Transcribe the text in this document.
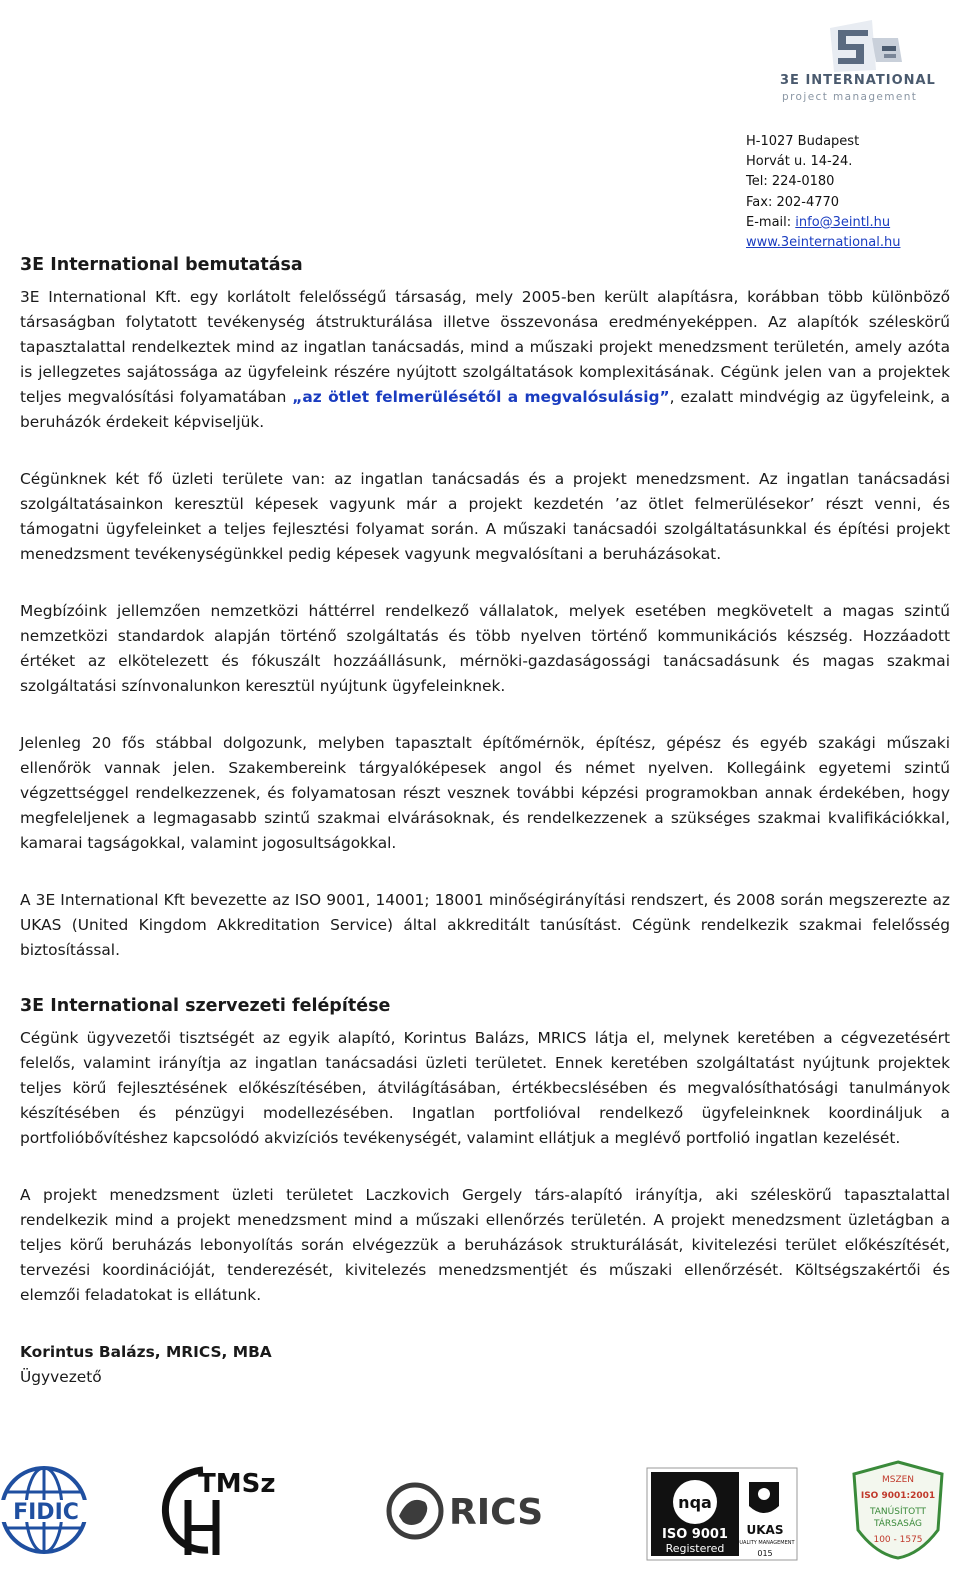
3E INTERNATIONAL
project management
H-1027 Budapest
Horvát u. 14-24.
Tel: 224-0180
Fax: 202-4770
E-mail: info@3eintl.hu
www.3einternational.hu
3E International bemutatása

3E International Kft. egy korlátolt felelősségű társaság, mely 2005-ben került alapításra, korábban több különböző társaságban folytatott tevékenység átstrukturálása illetve összevonása eredményeképpen. Az alapítók széleskörű tapasztalattal rendelkeztek mind az ingatlan tanácsadás, mind a műszaki projekt menedzsment területén, amely azóta is jellegzetes sajátossága az ügyfeleink részére nyújtott szolgáltatások komplexitásának. Cégünk jelen van a projektek teljes megvalósítási folyamatában „az ötlet felmerülésétől a megvalósulásig”, ezalatt mindvégig az ügyfeleink, a beruházók érdekeit képviseljük.

Cégünknek két fő üzleti területe van: az ingatlan tanácsadás és a projekt menedzsment. Az ingatlan tanácsadási szolgáltatásainkon keresztül képesek vagyunk már a projekt kezdetén ’az ötlet felmerülésekor’ részt venni, és támogatni ügyfeleinket a teljes fejlesztési folyamat során. A műszaki tanácsadói szolgáltatásunkkal és építési projekt menedzsment tevékenységünkkel pedig képesek vagyunk megvalósítani a beruházásokat.

Megbízóink jellemzően nemzetközi háttérrel rendelkező vállalatok, melyek esetében megkövetelt a magas szintű nemzetközi standardok alapján történő szolgáltatás és több nyelven történő kommunikációs készség. Hozzáadott értéket az elkötelezett és fókuszált hozzáállásunk, mérnöki-gazdaságossági tanácsadásunk és magas szakmai szolgáltatási színvonalunkon keresztül nyújtunk ügyfeleinknek.

Jelenleg 20 fős stábbal dolgozunk, melyben tapasztalt építőmérnök, építész, gépész és egyéb szakági műszaki ellenőrök vannak jelen. Szakembereink tárgyalóképesek angol és német nyelven. Kollegáink egyetemi szintű végzettséggel rendelkezzenek, és folyamatosan részt vesznek további képzési programokban annak érdekében, hogy megfeleljenek a legmagasabb szintű szakmai elvárásoknak, és rendelkezzenek a szükséges szakmai kvalifikációkkal, kamarai tagságokkal, valamint jogosultságokkal.

A 3E International Kft bevezette az ISO 9001, 14001; 18001 minőségirányítási rendszert, és 2008 során megszerezte az UKAS (United Kingdom Akkreditation Service) által akkreditált tanúsítást. Cégünk rendelkezik szakmai felelősség biztosítással.

3E International szervezeti felépítése

Cégünk ügyvezetői tisztségét az egyik alapító, Korintus Balázs, MRICS látja el, melynek keretében a cégvezetésért felelős, valamint irányítja az ingatlan tanácsadási üzleti területet. Ennek keretében szolgáltatást nyújtunk projektek teljes körű fejlesztésének előkészítésében, átvilágításában, értékbecslésében és megvalósíthatósági tanulmányok készítésében és pénzügyi modellezésében. Ingatlan portfolióval rendelkező ügyfeleinknek koordináljuk a portfolióbővítéshez kapcsolódó akvizíciós tevékenységét, valamint ellátjuk a meglévő portfolió ingatlan kezelését.

A projekt menedzsment üzleti területet Laczkovich Gergely társ-alapító irányítja, aki széleskörű tapasztalattal rendelkezik mind a projekt menedzsment mind a műszaki ellenőrzés területén. A projekt menedzsment üzletágban a teljes körű beruházás lebonyolítás során elvégezzük a beruházások strukturálását, kivitelezési terület előkészítését, tervezési koordinációját, tenderezését, kivitelezés menedzsmentjét és műszaki ellenőrzését. Költségszakértői és elemzői feladatokat is ellátunk.

Korintus Balázs, MRICS, MBA
Ügyvezető
FIDIC
TMSz
RICS	nqa
ISO 9001
Registered
UKAS
QUALITY MANAGEMENT
015
MSZEN
ISO 9001:2001
TANÚSÍTOTT
TÁRSASÁG
100 - 1575
